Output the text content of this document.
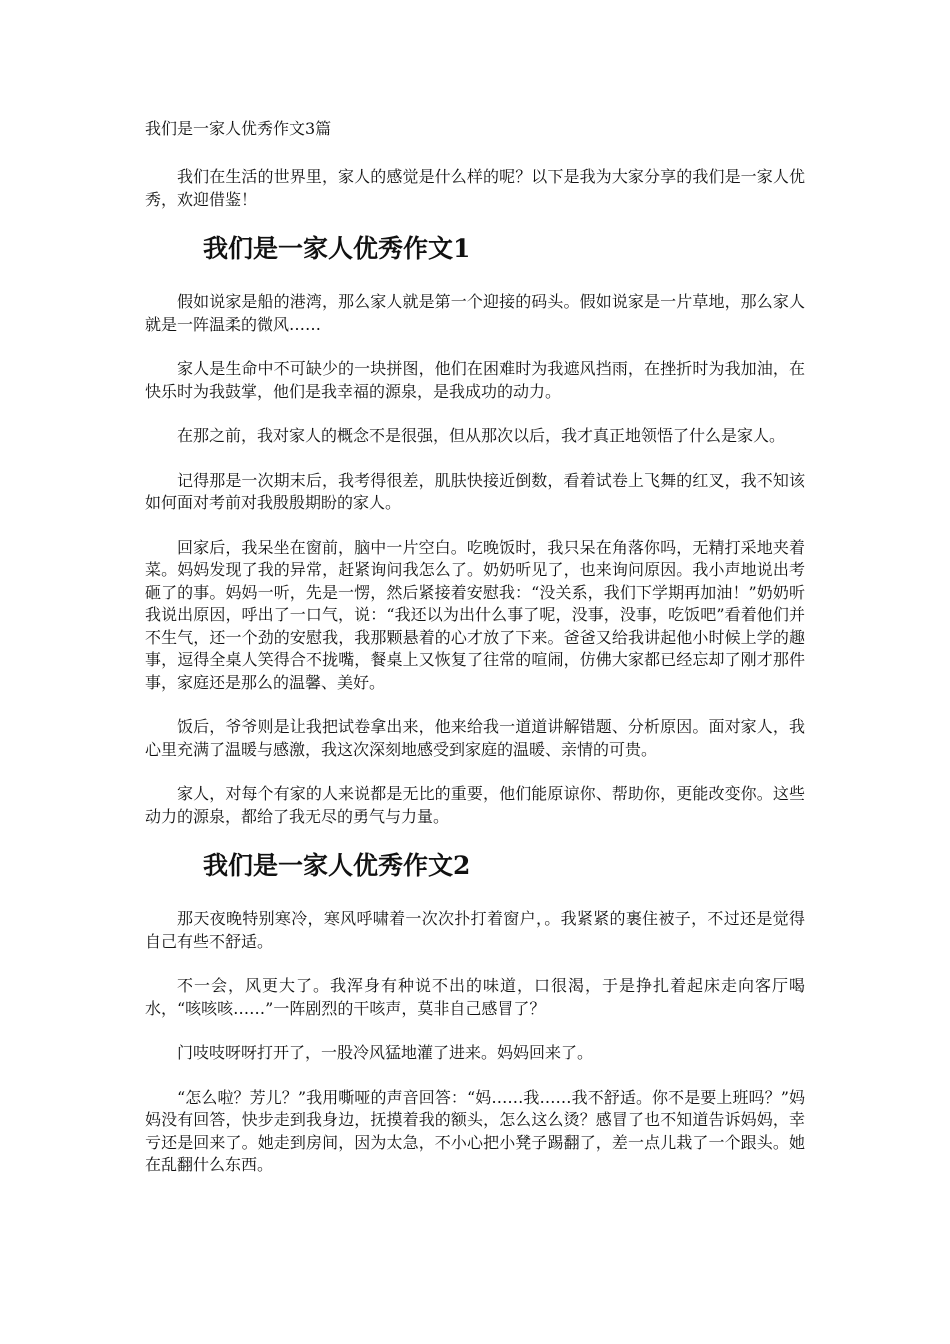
我们是一家人优秀作文3篇

我们在生活的世界里，家人的感觉是什么样的呢？以下是我为大家分享的我们是一家人优秀，欢迎借鉴！

我们是一家人优秀作文1

假如说家是船的港湾，那么家人就是第一个迎接的码头。假如说家是一片草地，那么家人就是一阵温柔的微风……

家人是生命中不可缺少的一块拼图，他们在困难时为我遮风挡雨，在挫折时为我加油，在快乐时为我鼓掌，他们是我幸福的源泉，是我成功的动力。

在那之前，我对家人的概念不是很强，但从那次以后，我才真正地领悟了什么是家人。

记得那是一次期末后，我考得很差，肌肤快接近倒数，看着试卷上飞舞的红叉，我不知该如何面对考前对我殷殷期盼的家人。

回家后，我呆坐在窗前，脑中一片空白。吃晚饭时，我只呆在角落你吗，无精打采地夹着菜。妈妈发现了我的异常，赶紧询问我怎么了。奶奶听见了，也来询问原因。我小声地说出考砸了的事。妈妈一听，先是一愣，然后紧接着安慰我：“没关系，我们下学期再加油！”奶奶听我说出原因，呼出了一口气，说：“我还以为出什么事了呢，没事，没事，吃饭吧”看着他们并不生气，还一个劲的安慰我，我那颗悬着的心才放了下来。爸爸又给我讲起他小时候上学的趣事，逗得全桌人笑得合不拢嘴，餐桌上又恢复了往常的喧闹，仿佛大家都已经忘却了刚才那件事，家庭还是那么的温馨、美好。

饭后，爷爷则是让我把试卷拿出来，他来给我一道道讲解错题、分析原因。面对家人，我心里充满了温暖与感激，我这次深刻地感受到家庭的温暖、亲情的可贵。

家人，对每个有家的人来说都是无比的重要，他们能原谅你、帮助你，更能改变你。这些动力的源泉，都给了我无尽的勇气与力量。

我们是一家人优秀作文2

那天夜晚特别寒冷，寒风呼啸着一次次扑打着窗户，。我紧紧的裹住被子，不过还是觉得自己有些不舒适。

不一会，风更大了。我浑身有种说不出的味道，口很渴，于是挣扎着起床走向客厅喝水，“咳咳咳……”一阵剧烈的干咳声，莫非自己感冒了？

门吱吱呀呀打开了，一股冷风猛地灌了进来。妈妈回来了。

“怎么啦？芳儿？”我用嘶哑的声音回答：“妈……我……我不舒适。你不是要上班吗？”妈妈没有回答，快步走到我身边，抚摸着我的额头，怎么这么烫？感冒了也不知道告诉妈妈，幸亏还是回来了。她走到房间，因为太急，不小心把小凳子踢翻了，差一点儿栽了一个跟头。她在乱翻什么东西。
